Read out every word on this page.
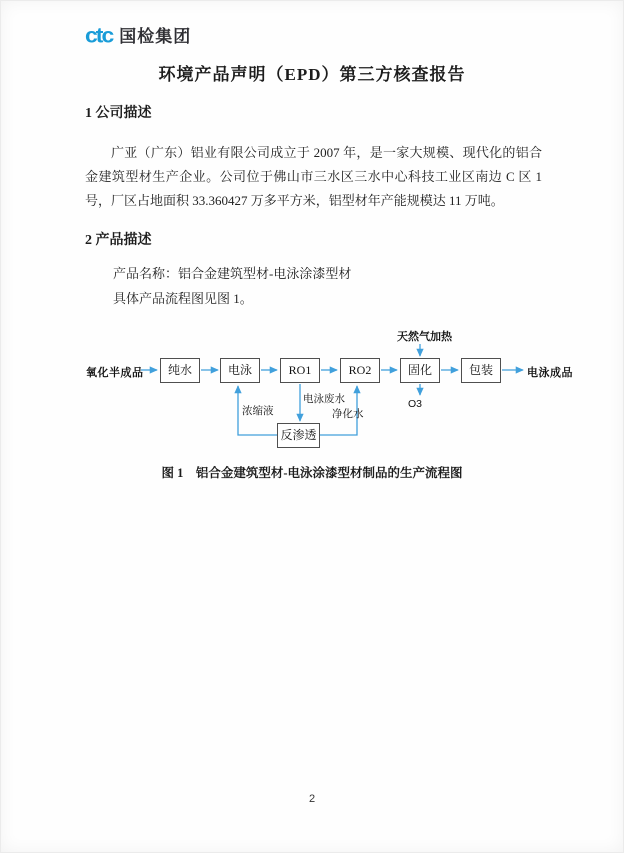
ctc 国检集团
环境产品声明（EPD）第三方核查报告
1 公司描述
广亚（广东）铝业有限公司成立于 2007 年，是一家大规模、现代化的铝合金建筑型材生产企业。公司位于佛山市三水区三水中心科技工业区南边 C 区 1 号，厂区占地面积 33.360427 万多平方米，铝型材年产能规模达 11 万吨。
2 产品描述
产品名称：铝合金建筑型材-电泳涂漆型材
具体产品流程图见图 1。
氧化半成品	纯水	电泳	RO1	RO2	固化	包装
反渗透
电泳成品
天然气加热
O3
浓缩液
电泳废水
净化水
图 1　铝合金建筑型材-电泳涂漆型材制品的生产流程图
2
